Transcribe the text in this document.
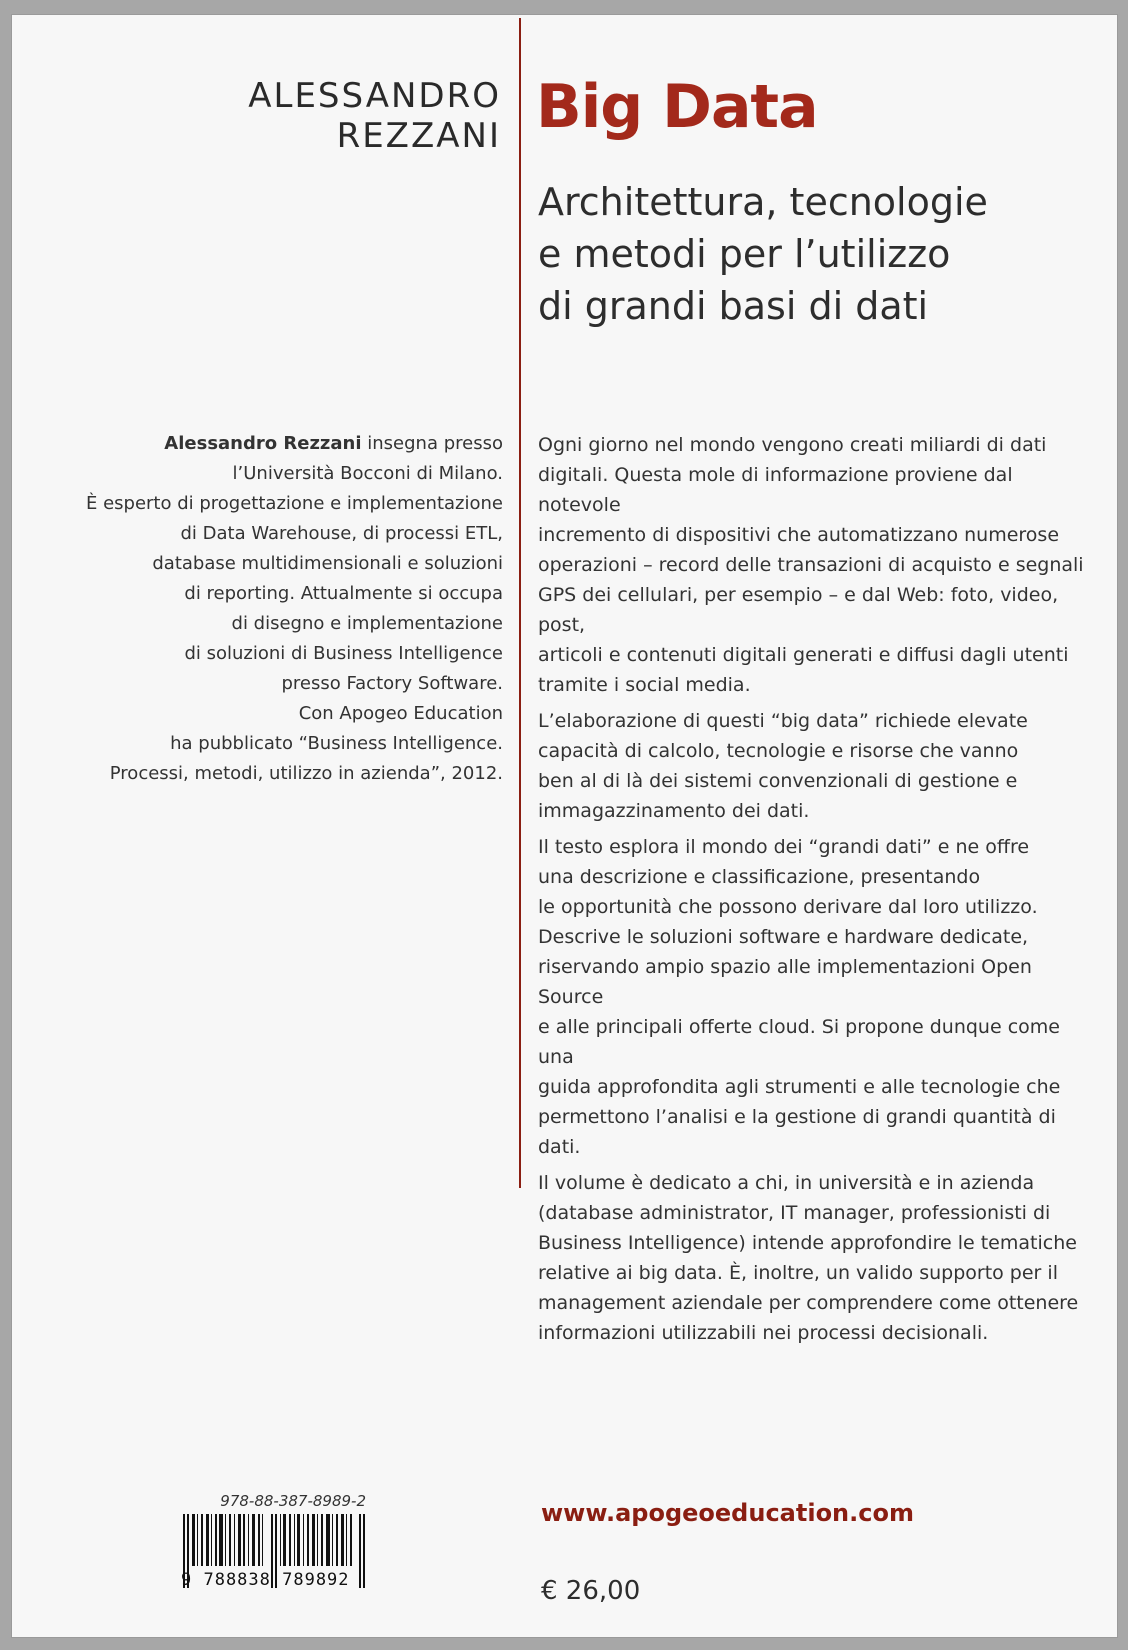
ALESSANDRO REZZANI Big Data
Architettura, tecnologie
e metodi per l’utilizzo
di grandi basi di dati
Alessandro Rezzani insegna presso
l’Università Bocconi di Milano.
È esperto di progettazione e implementazione
di Data Warehouse, di processi ETL,
database multidimensionali e soluzioni
di reporting. Attualmente si occupa
di disegno e implementazione
di soluzioni di Business Intelligence
presso Factory Software.
Con Apogeo Education
ha pubblicato “Business Intelligence.
Processi, metodi, utilizzo in azienda”, 2012.

Ogni giorno nel mondo vengono creati miliardi di dati
digitali. Questa mole di informazione proviene dal notevole
incremento di dispositivi che automatizzano numerose
operazioni – record delle transazioni di acquisto e segnali
GPS dei cellulari, per esempio – e dal Web: foto, video, post,
articoli e contenuti digitali generati e diffusi dagli utenti
tramite i social media.

L’elaborazione di questi “big data” richiede elevate
capacità di calcolo, tecnologie e risorse che vanno
ben al di là dei sistemi convenzionali di gestione e
immagazzinamento dei dati.

Il testo esplora il mondo dei “grandi dati” e ne offre
una descrizione e classificazione, presentando
le opportunità che possono derivare dal loro utilizzo.
Descrive le soluzioni software e hardware dedicate,
riservando ampio spazio alle implementazioni Open Source
e alle principali offerte cloud. Si propone dunque come una
guida approfondita agli strumenti e alle tecnologie che
permettono l’analisi e la gestione di grandi quantità di dati.

Il volume è dedicato a chi, in università e in azienda
(database administrator, IT manager, professionisti di
Business Intelligence) intende approfondire le tematiche
relative ai big data. È, inoltre, un valido supporto per il
management aziendale per comprendere come ottenere
informazioni utilizzabili nei processi decisionali.

978-88-387-8989-2
9 788838 789892
www.apogeoeducation.com
€ 26,00
